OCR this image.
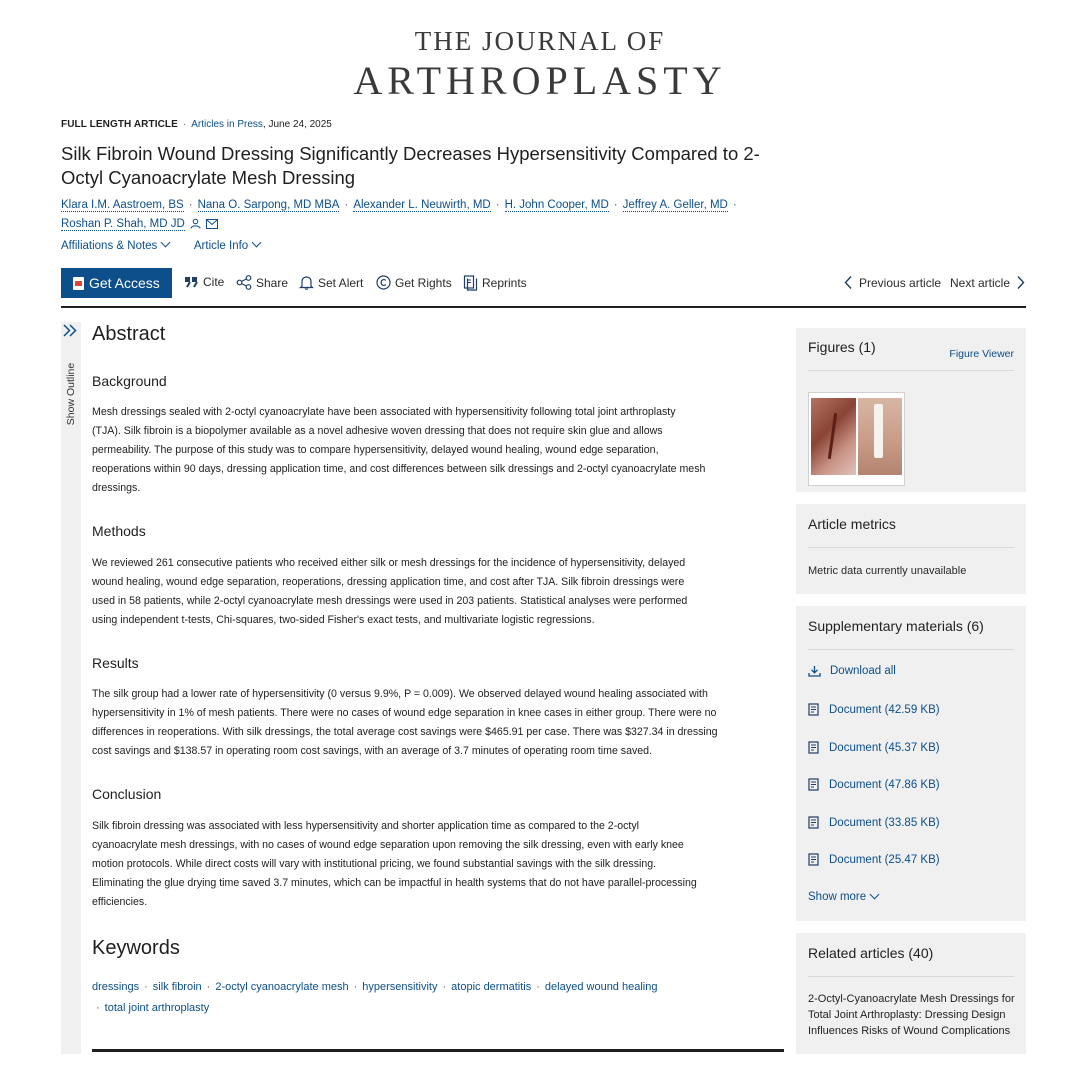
THE JOURNAL OF
ARTHROPLASTY
FULL LENGTH ARTICLE · Articles in Press, June 24, 2025
Silk Fibroin Wound Dressing Significantly Decreases Hypersensitivity Compared to 2-Octyl Cyanoacrylate Mesh Dressing
Klara I.M. Aastroem, BS · Nana O. Sarpong, MD MBA · Alexander L. Neuwirth, MD · H. John Cooper, MD · Jeffrey A. Geller, MD ·
Roshan P. Shah, MD JD
Affiliations & Notes	Article Info
Get Access	Cite	Share Set Alert	Get Rights	Reprints	Previous article Next article
Show Outline
Abstract
Background
Mesh dressings sealed with 2-octyl cyanoacrylate have been associated with hypersensitivity following total joint arthroplasty
(TJA). Silk fibroin is a biopolymer available as a novel adhesive woven dressing that does not require skin glue and allows
permeability. The purpose of this study was to compare hypersensitivity, delayed wound healing, wound edge separation,
reoperations within 90 days, dressing application time, and cost differences between silk dressings and 2-octyl cyanoacrylate mesh
dressings.
Methods
We reviewed 261 consecutive patients who received either silk or mesh dressings for the incidence of hypersensitivity, delayed
wound healing, wound edge separation, reoperations, dressing application time, and cost after TJA. Silk fibroin dressings were
used in 58 patients, while 2-octyl cyanoacrylate mesh dressings were used in 203 patients. Statistical analyses were performed
using independent t-tests, Chi-squares, two-sided Fisher's exact tests, and multivariate logistic regressions.
Results
The silk group had a lower rate of hypersensitivity (0 versus 9.9%, P = 0.009). We observed delayed wound healing associated with
hypersensitivity in 1% of mesh patients. There were no cases of wound edge separation in knee cases in either group. There were no
differences in reoperations. With silk dressings, the total average cost savings were $465.91 per case. There was $327.34 in dressing
cost savings and $138.57 in operating room cost savings, with an average of 3.7 minutes of operating room time saved.
Conclusion
Silk fibroin dressing was associated with less hypersensitivity and shorter application time as compared to the 2-octyl
cyanoacrylate mesh dressings, with no cases of wound edge separation upon removing the silk dressing, even with early knee
motion protocols. While direct costs will vary with institutional pricing, we found substantial savings with the silk dressing.
Eliminating the glue drying time saved 3.7 minutes, which can be impactful in health systems that do not have parallel-processing
efficiencies.
Keywords
dressings · silk fibroin · 2-octyl cyanoacrylate mesh · hypersensitivity · atopic dermatitis · delayed wound healing
· total joint arthroplasty
Figures (1)	Figure Viewer
Article metrics
Metric data currently unavailable
Supplementary materials (6)
Download all
Document (42.59 KB)
Document (45.37 KB)
Document (47.86 KB)
Document (33.85 KB)
Document (25.47 KB)
Show more
Related articles (40)
2-Octyl-Cyanoacrylate Mesh Dressings for Total Joint Arthroplasty: Dressing Design Influences Risks of Wound Complications
